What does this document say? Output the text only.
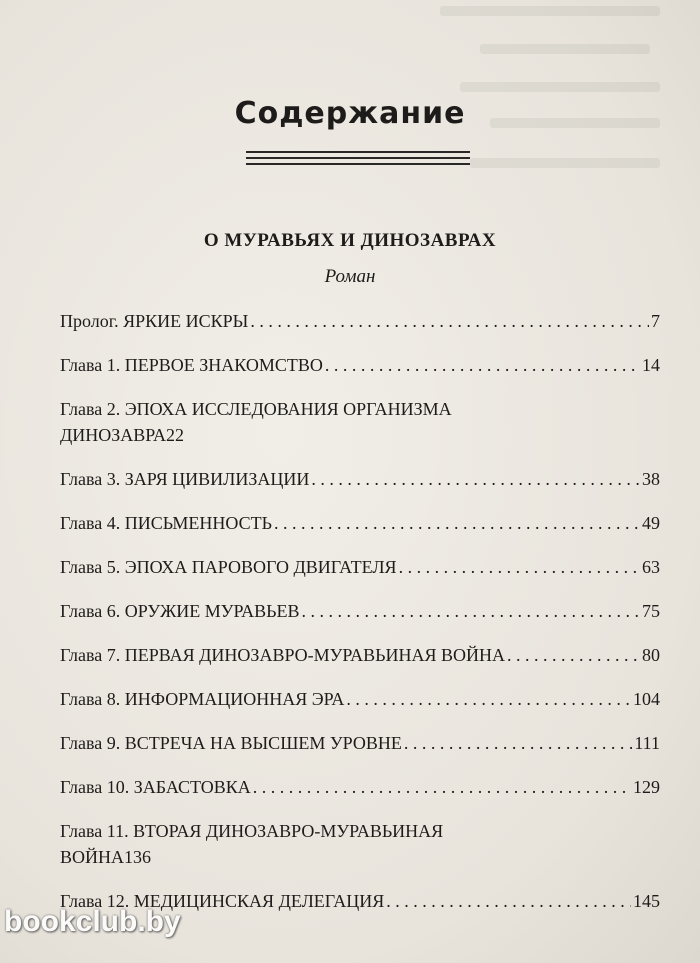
Содержание
О МУРАВЬЯХ И ДИНОЗАВРАХ
Роман
Пролог. ЯРКИЕ ИСКРЫ . . .	7
Глава 1. ПЕРВОЕ ЗНАКОМСТВО . . .	14
Глава 2. ЭПОХА ИССЛЕДОВАНИЯ ОРГАНИЗМА
ДИНОЗАВРА 22
Глава 3. ЗАРЯ ЦИВИЛИЗАЦИИ . . .	38
Глава 4. ПИСЬМЕННОСТЬ . . .	49
Глава 5. ЭПОХА ПАРОВОГО ДВИГАТЕЛЯ . . .	63
Глава 6. ОРУЖИЕ МУРАВЬЕВ . . .	75
Глава 7. ПЕРВАЯ ДИНОЗАВРО-МУРАВЬИНАЯ ВОЙНА . . .	80
Глава 8. ИНФОРМАЦИОННАЯ ЭРА . . .	104
Глава 9. ВСТРЕЧА НА ВЫСШЕМ УРОВНЕ . . .	111
Глава 10. ЗАБАСТОВКА . . .	129
Глава 11. ВТОРАЯ ДИНОЗАВРО-МУРАВЬИНАЯ
ВОЙНА 136
Глава 12. МЕДИЦИНСКАЯ ДЕЛЕГАЦИЯ . . .	145
bookclub.by
